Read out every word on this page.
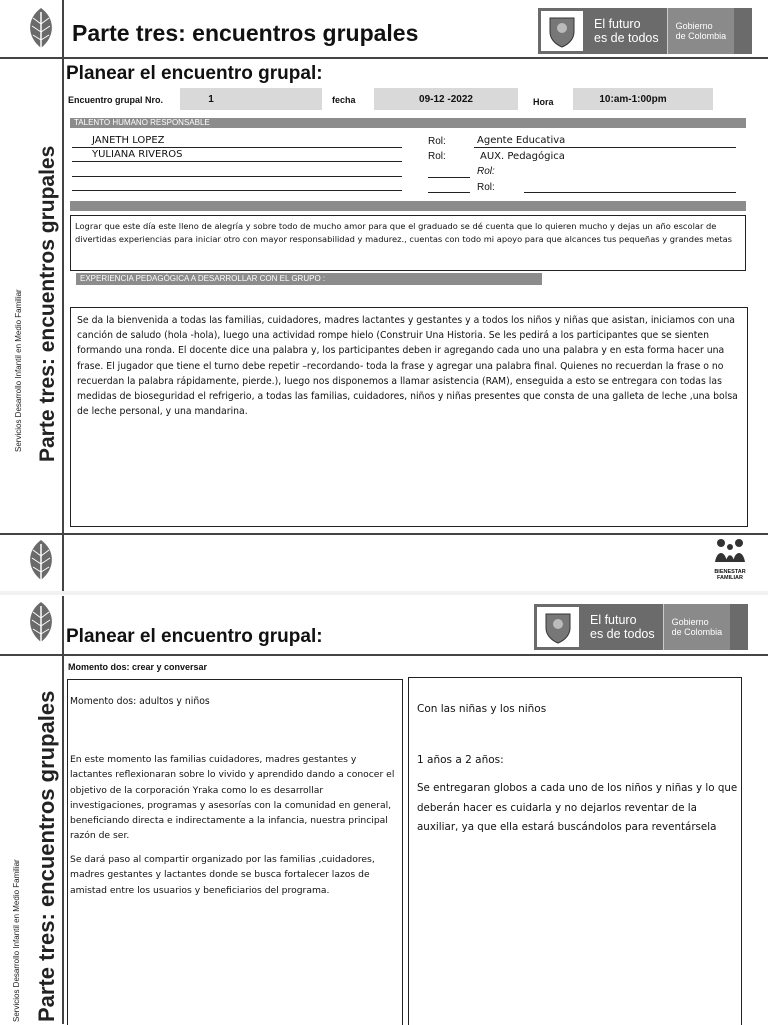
Parte tres: encuentros grupales	El futuro
es de todos
Gobierno
de Colombia
Parte tres: encuentros grupales
Servicios Desarrollo Infantil en Medio Familiar
Planear el encuentro grupal:
Encuentro grupal Nro.	1	fecha	09-12 -2022	Hora	10:am-1:00pm
TALENTO HUMANO RESPONSABLE
JANETH LOPEZ	Rol:	Agente Educativa
YULIANA RIVEROS	Rol:	AUX. Pedagógica
Rol:
Rol:
Lograr que este día este lleno de alegría y sobre todo de mucho amor para que el graduado se dé cuenta que lo quieren mucho y dejas un año escolar de divertidas experiencias para iniciar otro con mayor responsabilidad y madurez., cuentas con todo mi apoyo para que alcances tus pequeñas y grandes metas
EXPERIENCIA PEDAGÓGICA A DESARROLLAR CON EL GRUPO :
Se da la bienvenida a todas las familias, cuidadores, madres lactantes y gestantes y a todos los niños y niñas que asistan, iniciamos con una canción de saludo (hola -hola), luego una actividad rompe hielo (Construir Una Historia. Se les pedirá a los participantes que se sienten formando una ronda. El docente dice una palabra y, los participantes deben ir agregando cada uno una palabra y en esta forma hacer una frase. El jugador que tiene el turno debe repetir –recordando- toda la frase y agregar una palabra final. Quienes no recuerdan la frase o no recuerdan la palabra rápidamente, pierde.), luego nos disponemos a llamar asistencia (RAM), enseguida a esto se entregara con todas las medidas de bioseguridad el refrigerio, a todas las familias, cuidadores, niños y niñas presentes que consta de una galleta de leche ,una bolsa de leche personal, y una mandarina.
BIENESTAR
FAMILIAR
Planear el encuentro grupal:
El futuro
es de todos
Gobierno
de Colombia
Parte tres: encuentros grupales
Servicios Desarrollo Infantil en Medio Familiar
Momento dos: crear y conversar
Momento dos: adultos y niños
En este momento las familias cuidadores, madres gestantes y lactantes reflexionaran sobre lo vivido y aprendido dando a conocer el objetivo de la corporación Yraka como lo es desarrollar investigaciones, programas y asesorías con la comunidad en general, beneficiando directa e indirectamente a la infancia, nuestra principal razón de ser.
Se dará paso al compartir organizado por las familias ,cuidadores, madres gestantes y lactantes donde se busca fortalecer lazos de amistad entre los usuarios y beneficiarios del programa.
Con las niñas y los niños
1 años a 2 años:
Se entregaran globos a cada uno de los niños y niñas y lo que deberán hacer es cuidarla y no dejarlos reventar de la auxiliar, ya que ella estará buscándolos para reventársela
